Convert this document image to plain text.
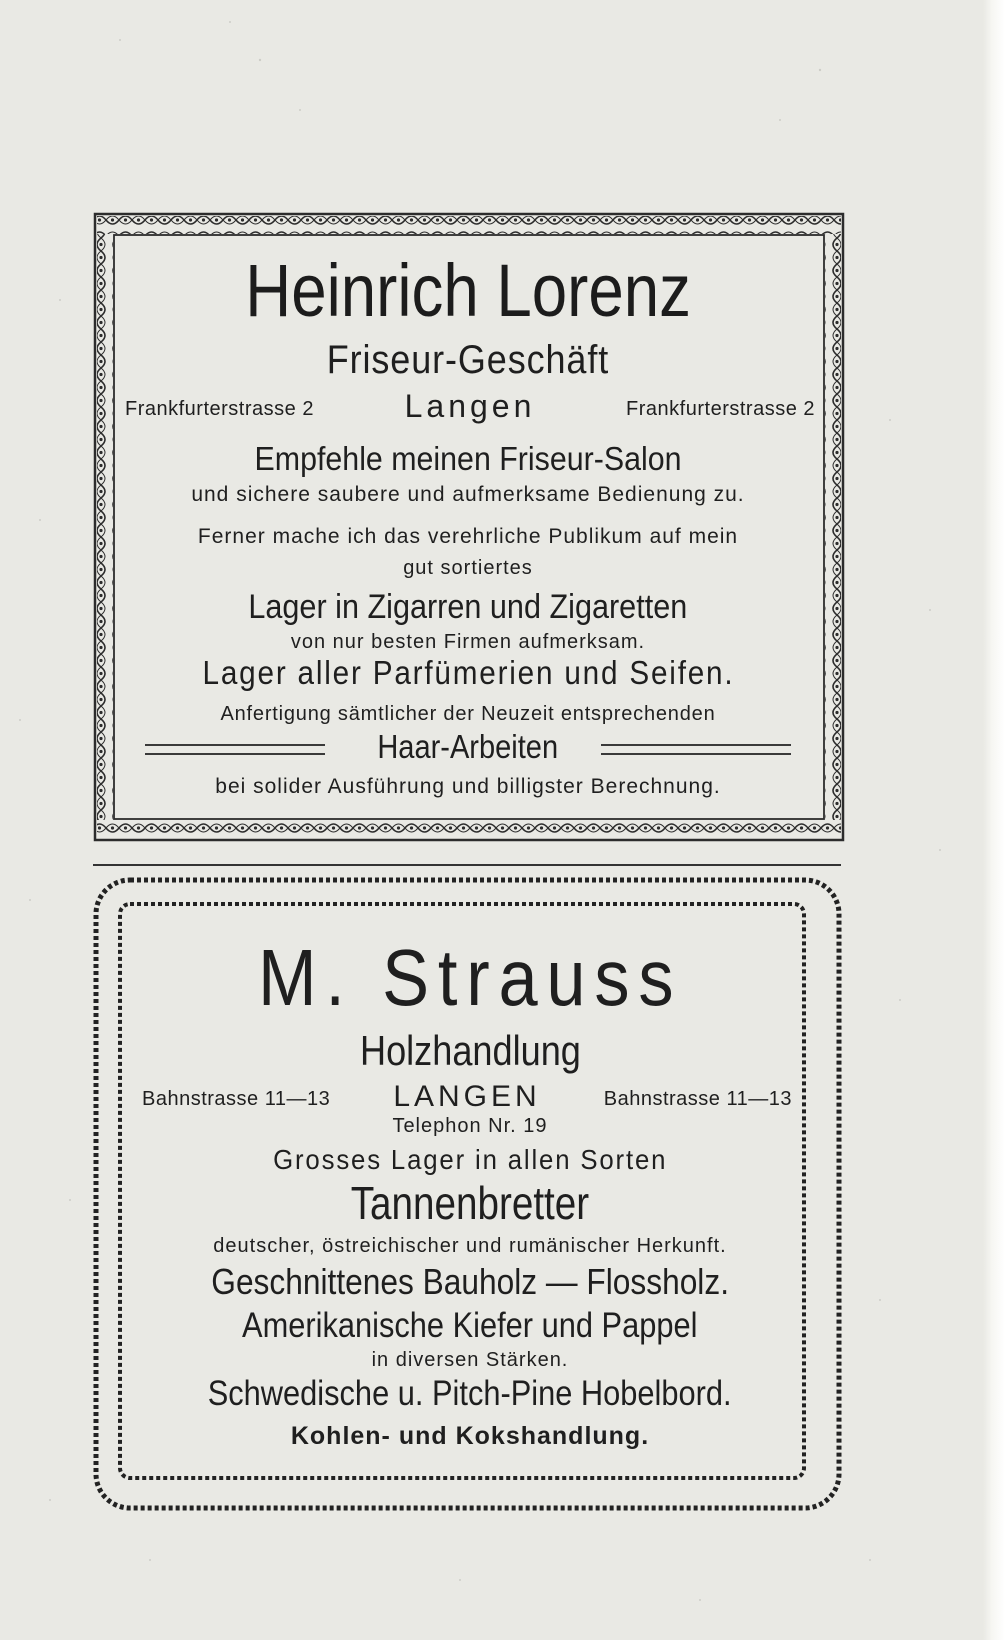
Heinrich Lorenz
Friseur-Geschäft
Frankfurterstrasse 2	Langen	Frankfurterstrasse 2
Empfehle meinen Friseur-Salon
und sichere saubere und aufmerksame Bedienung zu.
Ferner mache ich das verehrliche Publikum auf mein
gut sortiertes
Lager in Zigarren und Zigaretten
von nur besten Firmen aufmerksam.
Lager aller Parfümerien und Seifen.
Anfertigung sämtlicher der Neuzeit entsprechenden
Haar-Arbeiten
bei solider Ausführung und billigster Berechnung.
M. Strauss
Holzhandlung
Bahnstrasse 11—13	LANGEN	Bahnstrasse 11—13
Telephon Nr. 19
Grosses Lager in allen Sorten
Tannenbretter
deutscher, östreichischer und rumänischer Herkunft.
Geschnittenes Bauholz — Flossholz.
Amerikanische Kiefer und Pappel
in diversen Stärken.
Schwedische u. Pitch-Pine Hobelbord.
Kohlen- und Kokshandlung.
